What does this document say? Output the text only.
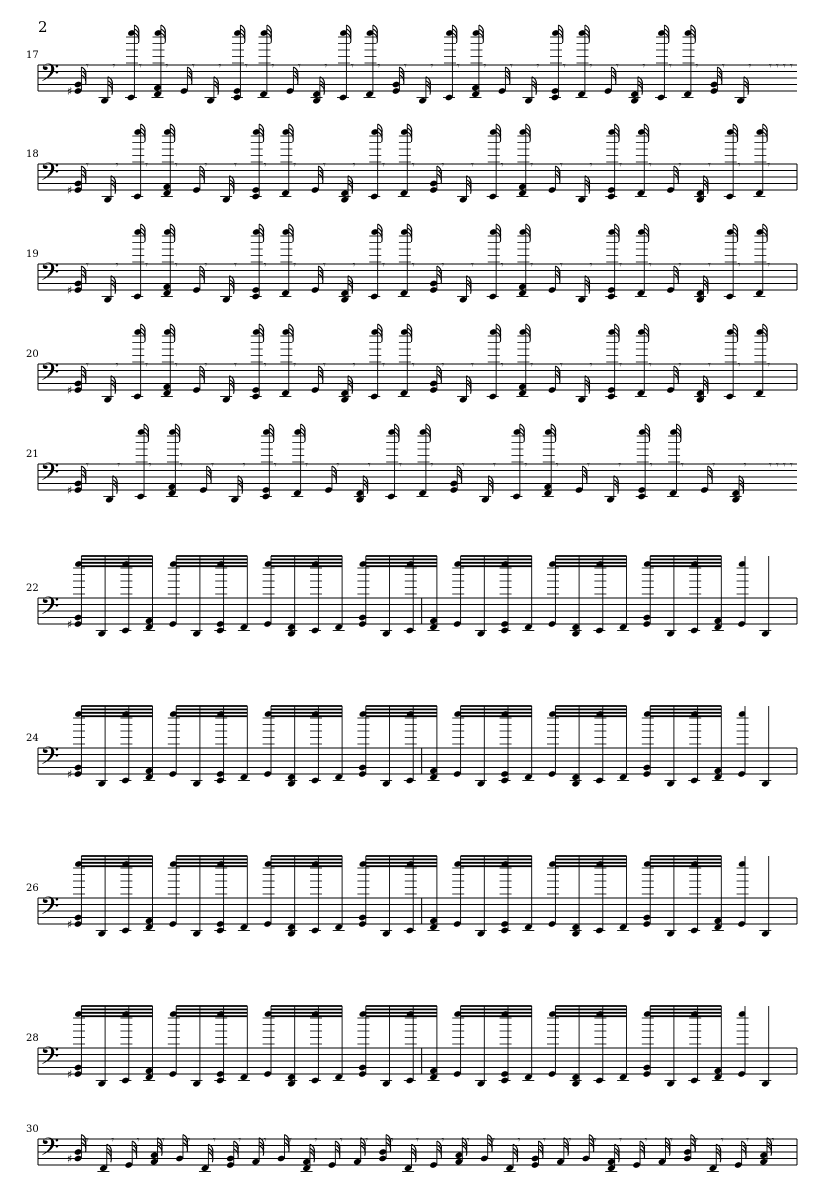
2
17
𝄢	𝄾
♯
𝄾 𝄾 𝄾 𝄾 𝄾 𝄾 𝄾 𝄾 𝄾 𝄾 𝄾 𝄾 𝄾 𝄾 𝄾 𝄾 𝄾 𝄾 𝄾 𝄾 𝄾 𝄾 𝄾 𝄾 𝄾 𝄾 𝄾 𝄾 𝄾
18
𝄢	𝄾
♯
𝄾	𝄾	𝄾	𝄾	𝄾	𝄾	𝄾	𝄾	𝄾	𝄾	𝄾	𝄾	𝄾	𝄾	𝄾	𝄾	𝄾	𝄾	𝄾	𝄾	𝄾	𝄾	𝄾
19
𝄢	𝄾
♯
𝄾	𝄾	𝄾	𝄾	𝄾	𝄾	𝄾	𝄾	𝄾	𝄾	𝄾	𝄾	𝄾	𝄾	𝄾	𝄾	𝄾	𝄾	𝄾	𝄾	𝄾	𝄾	𝄾
20
𝄢	𝄾
♯
𝄾	𝄾	𝄾	𝄾	𝄾	𝄾	𝄾	𝄾	𝄾	𝄾	𝄾	𝄾	𝄾	𝄾	𝄾	𝄾	𝄾	𝄾	𝄾	𝄾	𝄾	𝄾	𝄾
21
𝄢	𝄾
♯
𝄾	𝄾	𝄾	𝄾	𝄾	𝄾	𝄾	𝄾	𝄾	𝄾	𝄾	𝄾	𝄾	𝄾	𝄾	𝄾	𝄾	𝄾	𝄾	𝄾	𝄾 𝄾 𝄾 𝄾 𝄾
22
𝄢 ♯
24
𝄢 ♯
26
𝄢 ♯
28
𝄢 ♯
30
𝄢	𝄾
♯
𝄾 𝄾 𝄾 𝄾 𝄾 𝄾 𝄾 𝄾 𝄾 𝄾 𝄾 𝄾 𝄾 𝄾 𝄾 𝄾 𝄾 𝄾 𝄾 𝄾 𝄾 𝄾 𝄾 𝄾 𝄾 𝄾 𝄾
